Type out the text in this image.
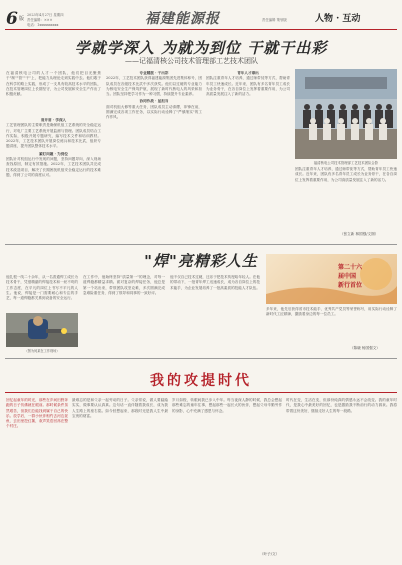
6 版
2023年4月27日 星期四
责任编辑：×××
电话：1xxxxxxxxxx	福建能源报	责任编辑 策划版	人物 · 互动
学就学深入 为就为到位 干就干出彩
——记福清核公司技术管理部工艺技术团队
在福清核电公司的人才一个团队，他们把目光聚焦于"制""管""干"上，把能力从理论走到实践中去。他们敢于在科学的路上实践，形成了一支具有较高技术水平的团队，在技术管理岗位上长期坚守，为公司发展和安全生产作出了积极贡献。
肩并肩 · 学深入
工艺管理团队的主要职责是确保机组工艺系统的安全稳定运行，对电厂主要工艺系统开展监测与管理。团队成员结合工作实际，积极开展专题研究，编写技术文件和培训教材。2022年，工艺技术团队开展岗位练兵和技术比武，组织专题讲座，提升团队整体技术水平。
紧盯问题 · 为到位
团队针对机组运行中发现的问题，坚持问题导向，深入现场查找原因，制定有效措施。2022年，工艺技术团队共完成技术改造项目，解决了长期困扰机组安全稳定运行的技术难题，得到了公司的高度认可。
专业精湛 · 干出彩
2022年，工艺技术团队获得福建能源集团先进集体称号，团队成员在各级技术比武中多次获奖。他们以过硬的专业能力为核电安全生产保驾护航，展现了新时代核电人的风采和担当。团队坚持把学习作为一种习惯，持续提升专业素养。
协同作战 · 显担当
面对机组大修等重大任务，团队成员主动请缨，冲锋在前，圆满完成各项工作任务，以实际行动诠释了"严慎细实"的工作作风。
青年人才辈出
团队注重青年人才培养，通过师带徒等方式，帮助青年员工快速成长。近年来，团队有多名青年员工成长为业务骨干，在各自岗位上发挥着重要作用，为公司高质量发展注入了新的活力。
福清核电公司技术管理部工艺技术团队合影
团队注重青年人才培养，通过师带徒等方式，帮助青年员工快速成长。近年来，团队有多名青年员工成长为业务骨干，在各自岗位上发挥着重要作用，为公司高质量发展注入了新的活力。
（张立新 林国强/文图）
"焊"亮精彩人生
他扎根一线二十余年，从一名普通焊工成长为技术骨干，凭借精湛的焊接技术和一丝不苟的工作态度，在平凡的岗位上书写不平凡的人生。他说，焊接是一门需要耐心和专注的手艺，每一道焊缝都关系到设备的安全运行。
（图为何某在工作现场）
在工作中，他始终坚持"质量第一"的理念，对每一道焊缝都精益求精。面对复杂的焊接任务，他总是第一个站出来，带领团队攻坚克难，多次圆满完成急难险重任务，得到了领导和同事的一致好评。
他不仅自己技术过硬，还乐于把技术传授给年轻人。在他的带动下，一批青年焊工迅速成长，成为各自岗位上的技术能手，为企业发展培养了一批高素质的技能人才队伍。
第二十六
届中国
新行首位
多年来，他先后获得省市技术能手、优秀共产党员等荣誉称号，用实际行动诠释了新时代工匠精神，激励着身边的每一位员工。
（陈晓 杨国强文）
我的攻提时代
回忆起童年的时光，那些在乡间田野奔跑的日子仿佛就在眼前。那时候条件虽然艰苦，但我们总能找到属于自己的快乐。放学后，一群小伙伴相约去河边捉鱼、去田里挖红薯，欢声笑语回荡在整个村庄。
最难忘的是和父亲一起劳动的日子。父亲常说，做人要踏踏实实，做事要认认真真。这句话一直伴随着我成长，成为我人生路上的座右铭。如今回想起来，那段时光是我人生中最宝贵的财富。
岁月如梭，转眼间我已步入中年。每当夜深人静的时候，我总会想起那些难忘的童年往事，想起那些一起长大的伙伴，想起父母辛勤劳作的身影，心中充满了感恩与怀念。
时代在变，生活在变，但那份纯真的情感永远不会改变。我的童年时代，是我心中最美好的回忆，也是激励我不断前行的动力源泉。我将带着这份美好，继续走好人生的每一段路。
（叶子/文）
